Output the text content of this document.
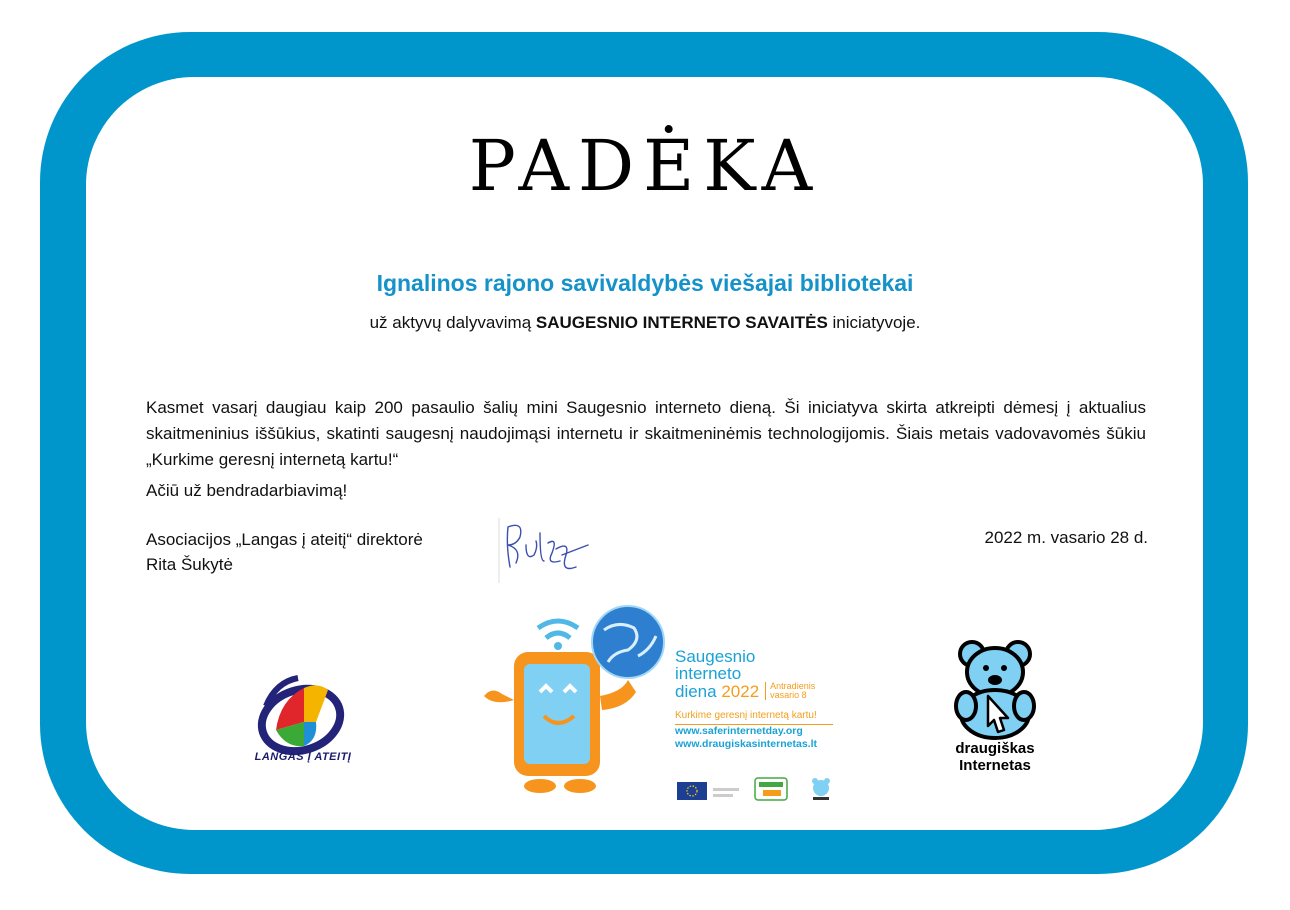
PADĖKA
Ignalinos rajono savivaldybės viešajai bibliotekai
už aktyvų dalyvavimą SAUGESNIO INTERNETO SAVAITĖS iniciatyvoje.
Kasmet vasarį daugiau kaip 200 pasaulio šalių mini Saugesnio interneto dieną. Ši iniciatyva skirta atkreipti dėmesį į aktualius skaitmeninius iššūkius, skatinti saugesnį naudojimąsi internetu ir skaitmeninėmis technologijomis. Šiais metais vadovavomės šūkiu „Kurkime geresnį internetą kartu!“
Ačiū už bendradarbiavimą!
Asociacijos „Langas į ateitį“ direktorė
Rita Šukytė
2022 m. vasario 28 d.
LANGAS Į ATEITĮ
Saugesnio
interneto
diena 2022 Antradienis
vasario 8
Kurkime geresnį internetą kartu!
www.saferinternetday.org
www.draugiskasinternetas.lt	draugiškas
Internetas
